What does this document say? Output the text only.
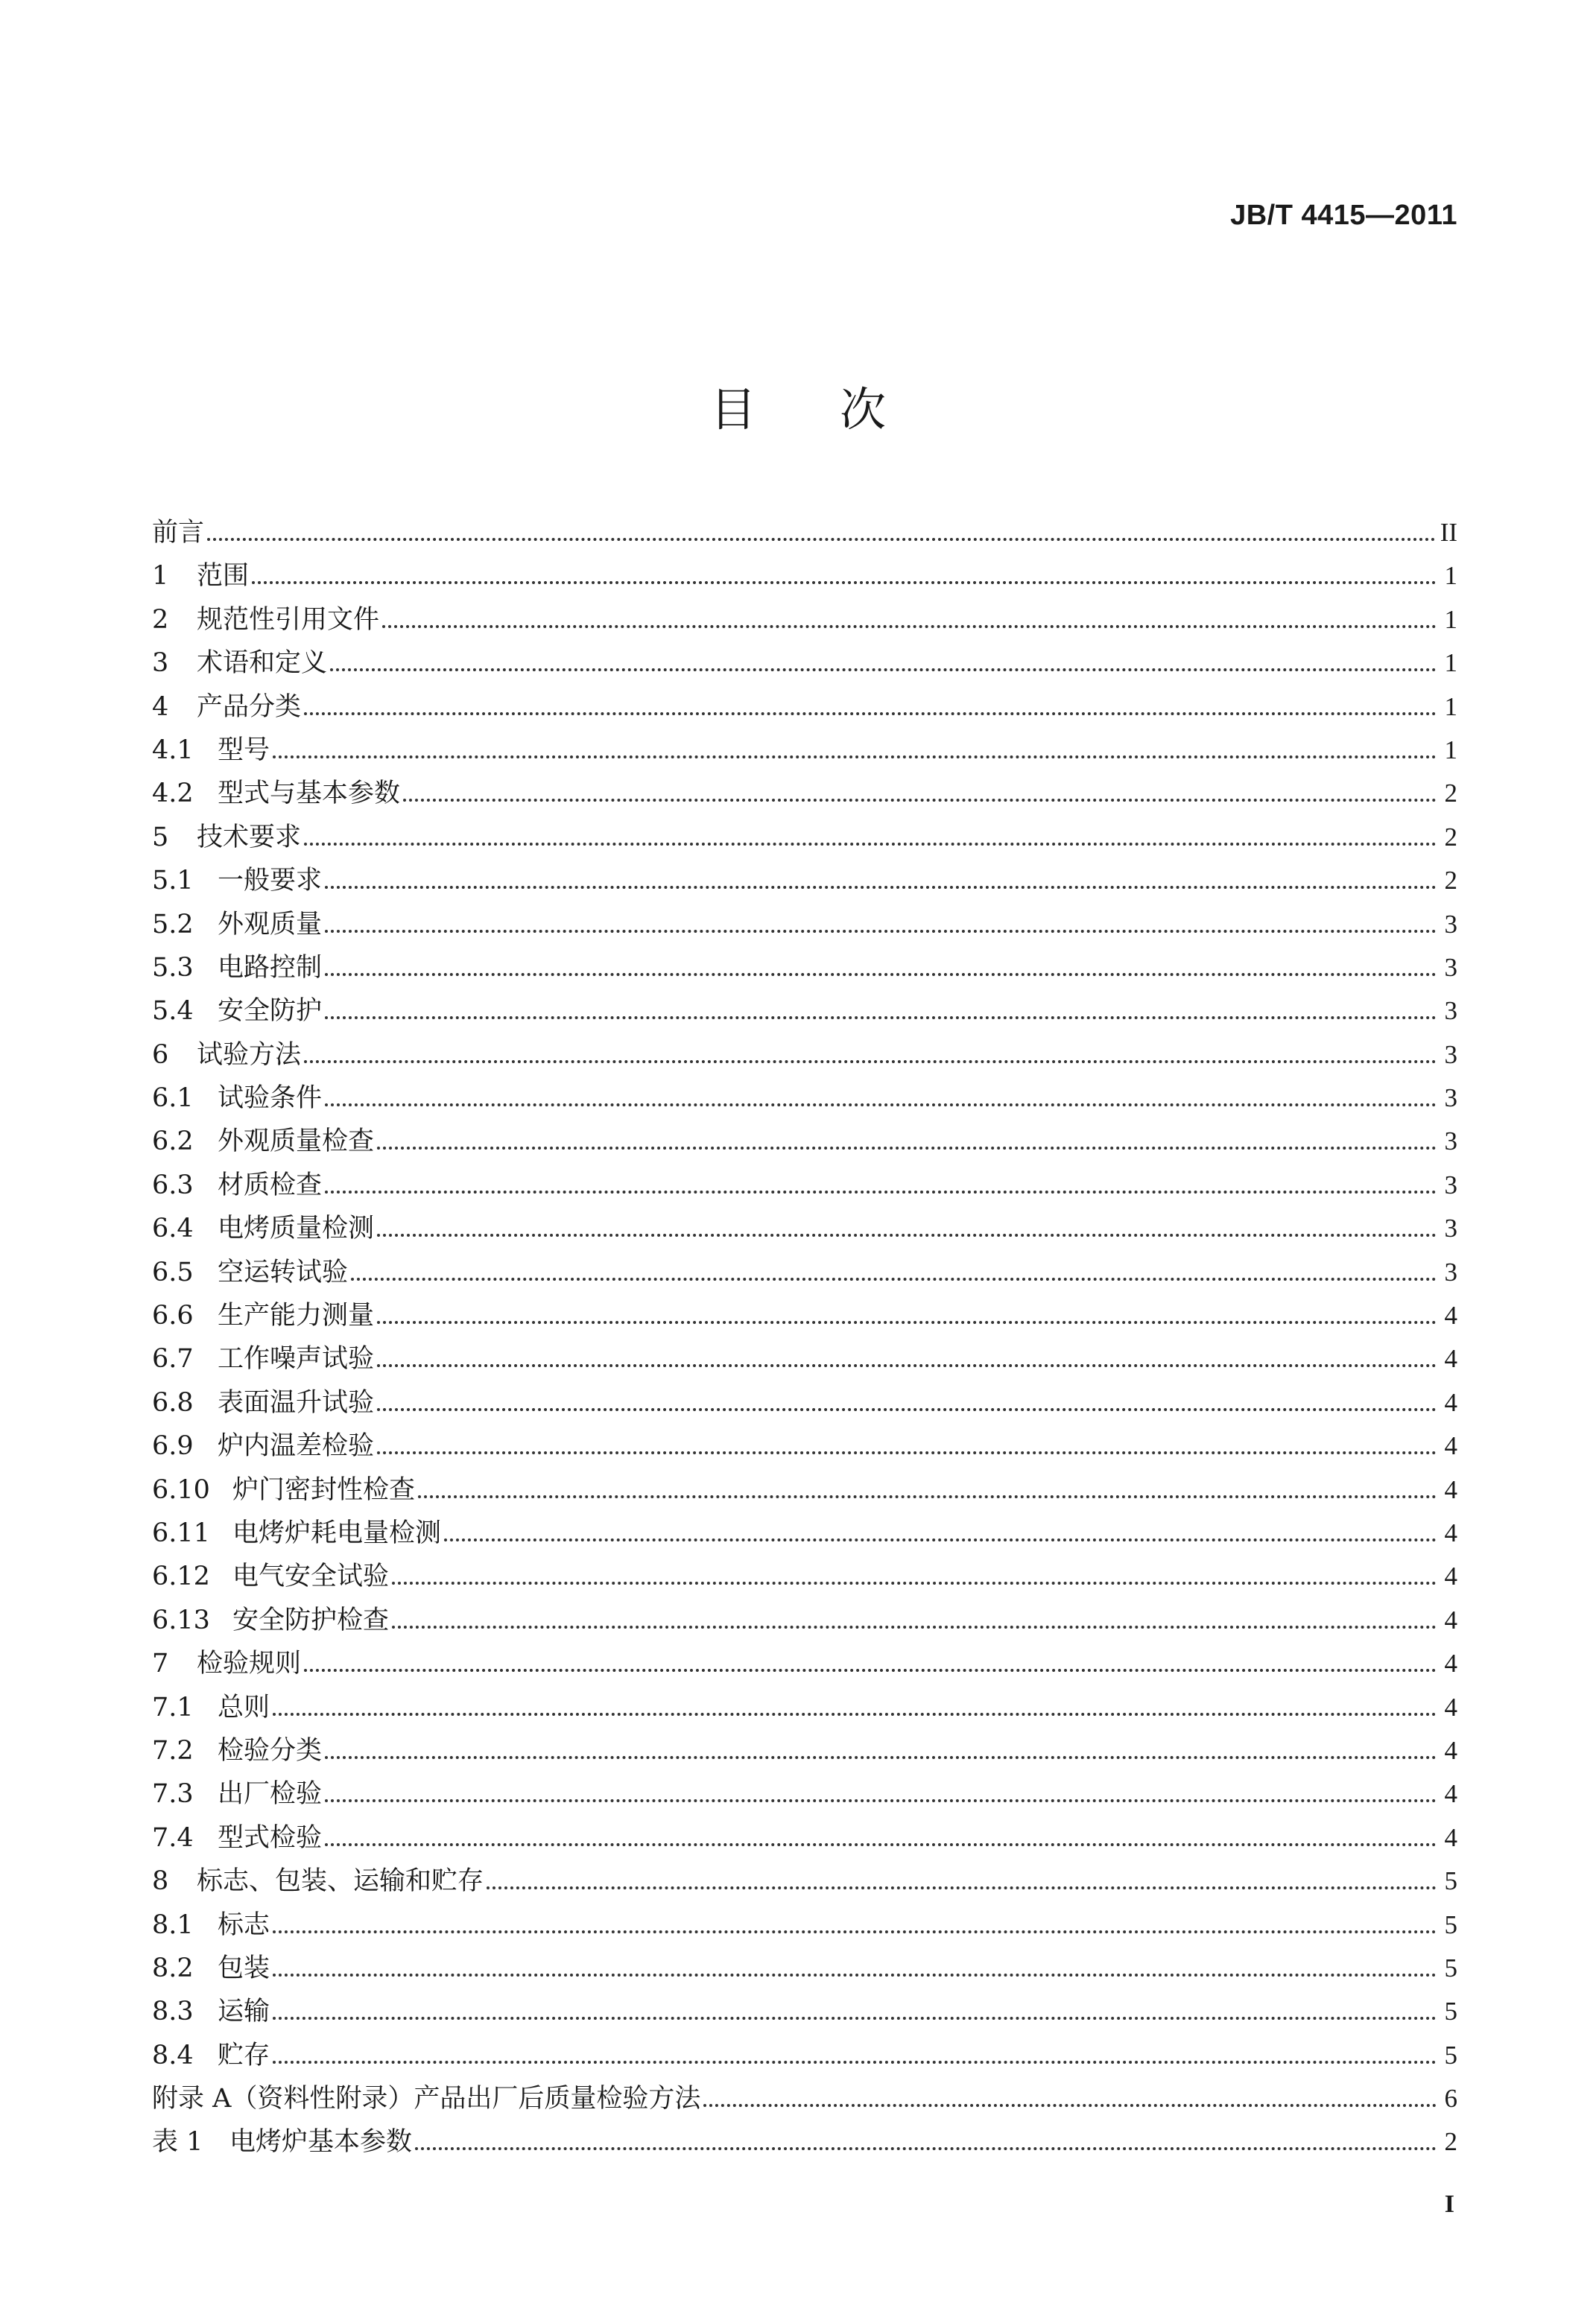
JB/T 4415—2011
目 次
前言	II
1	范围	1
2	规范性引用文件	1
3	术语和定义	1
4	产品分类	1
4.1 型号	1
4.2 型式与基本参数	2
5	技术要求	2
5.1 一般要求	2
5.2 外观质量	3
5.3 电路控制	3
5.4 安全防护	3
6	试验方法	3
6.1 试验条件	3
6.2 外观质量检查	3
6.3 材质检查	3
6.4 电烤质量检测	3
6.5 空运转试验	3
6.6 生产能力测量	4
6.7 工作噪声试验	4
6.8 表面温升试验	4
6.9 炉内温差检验	4
6.10 炉门密封性检查	4
6.11 电烤炉耗电量检测	4
6.12 电气安全试验	4
6.13 安全防护检查	4
7	检验规则	4
7.1 总则	4
7.2 检验分类	4
7.3 出厂检验	4
7.4 型式检验	4
8	标志、包装、运输和贮存	5
8.1 标志	5
8.2 包装	5
8.3 运输	5
8.4 贮存	5
附录 A（资料性附录）产品出厂后质量检验方法	6
表 1	电烤炉基本参数	2
I
